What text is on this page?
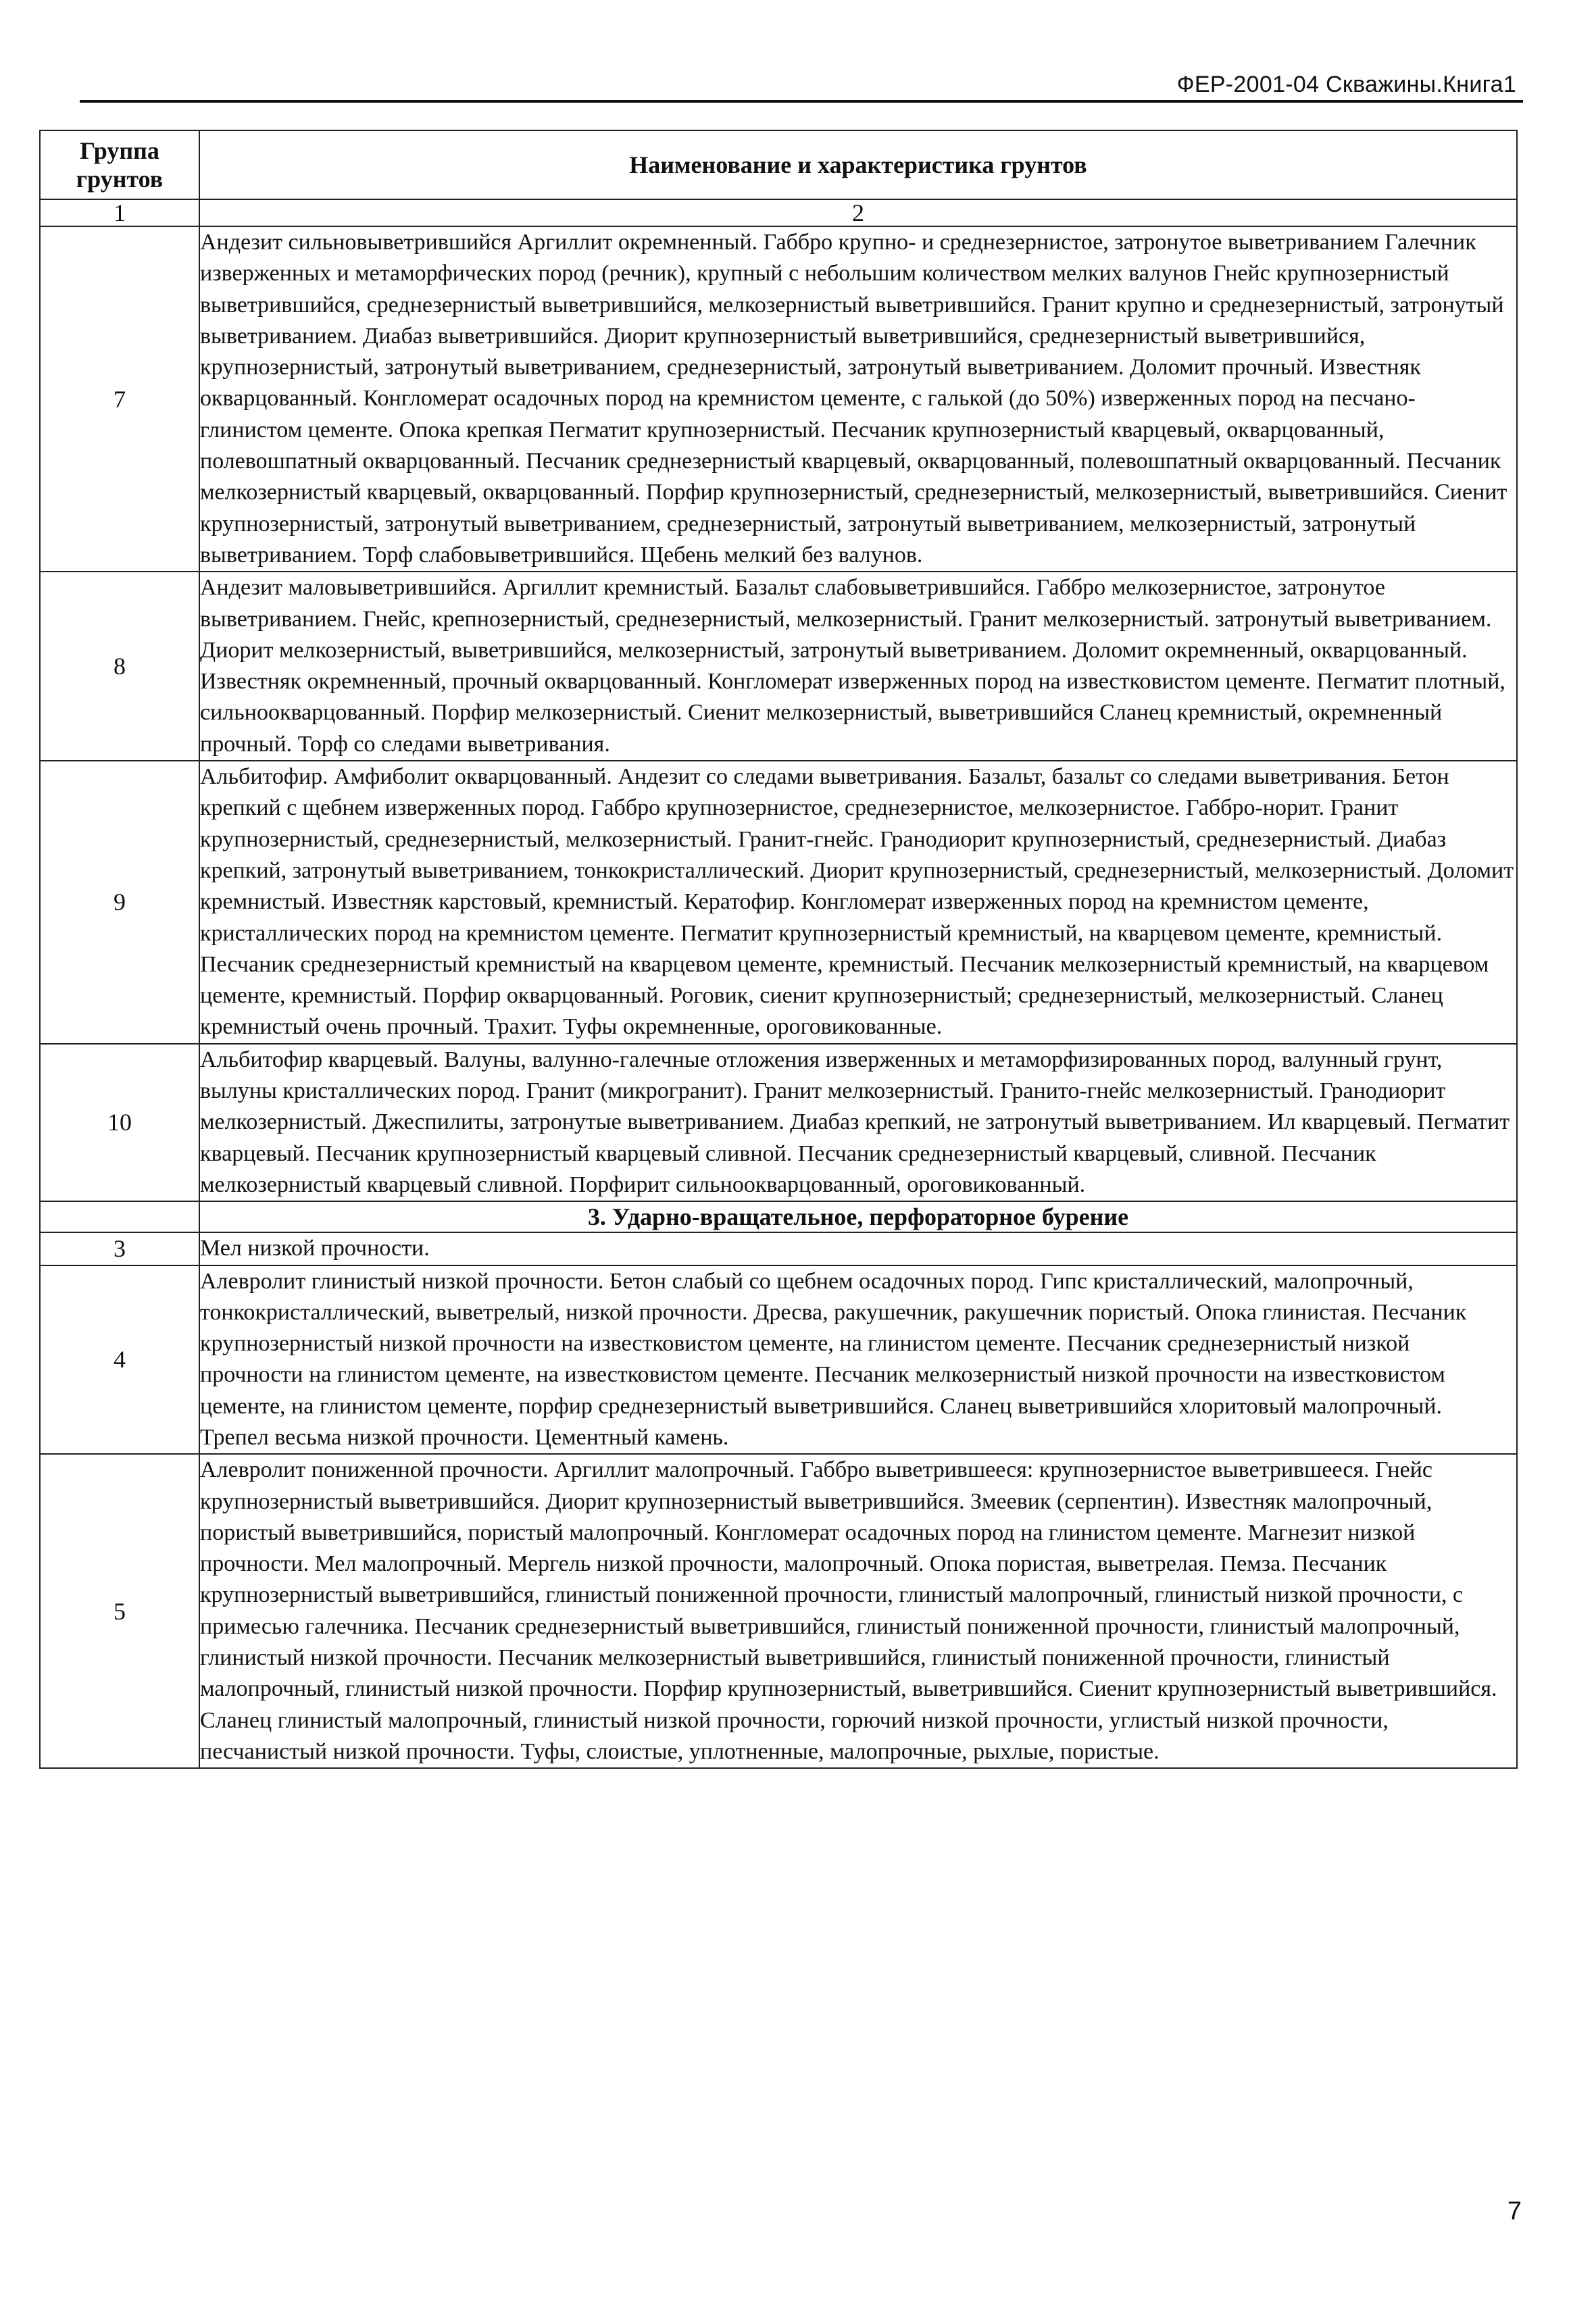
ФЕР-2001-04 Скважины.Книга1
Группа грунтов	Наименование и характеристика грунтов
1	2
7	Андезит сильновыветрившийся Аргиллит окремненный. Габбро крупно- и среднезернистое, затронутое выветриванием Галечник изверженных и метаморфических пород (речник), крупный с небольшим количеством мелких валунов Гнейс крупнозернистый выветрившийся, среднезернистый выветрившийся, мелкозернистый выветрившийся. Гранит крупно и среднезернистый, затронутый выветриванием. Диабаз выветрившийся. Диорит крупнозернистый выветрившийся, среднезернистый выветрившийся, крупнозернистый, затронутый выветриванием, среднезернистый, затронутый выветриванием. Доломит прочный. Известняк окварцованный. Конгломерат осадочных пород на кремнистом цементе, с галькой (до 50%) изверженных пород на песчано-глинистом цементе. Опока крепкая Пегматит крупнозернистый. Песчаник крупнозернистый кварцевый, окварцованный, полевошпатный окварцованный. Песчаник среднезернистый кварцевый, окварцованный, полевошпатный окварцованный. Песчаник мелкозернистый кварцевый, окварцованный. Порфир крупнозернистый, среднезернистый, мелкозернистый, выветрившийся. Сиенит крупнозернистый, затронутый выветриванием, среднезернистый, затронутый выветриванием, мелкозернистый, затронутый выветриванием. Торф слабовыветрившийся. Щебень мелкий без валунов.
8	Андезит маловыветрившийся. Аргиллит кремнистый. Базальт слабовыветрившийся. Габбро мелкозернистое, затронутое выветриванием. Гнейс, крепнозернистый, среднезернистый, мелкозернистый. Гранит мелкозернистый. затронутый выветриванием. Диорит мелкозернистый, выветрившийся, мелкозернистый, затронутый выветриванием. Доломит окремненный, окварцованный. Известняк окремненный, прочный окварцованный. Конгломерат изверженных пород на известковистом цементе. Пегматит плотный, сильноокварцованный. Порфир мелкозернистый. Сиенит мелкозернистый, выветрившийся Сланец кремнистый, окремненный прочный. Торф со следами выветривания.
9	Альбитофир. Амфиболит окварцованный. Андезит со следами выветривания. Базальт, базальт со следами выветривания. Бетон крепкий с щебнем изверженных пород. Габбро крупнозернистое, среднезернистое, мелкозернистое. Габбро-норит. Гранит крупнозернистый, среднезернистый, мелкозернистый. Гранит-гнейс. Гранодиорит крупнозернистый, среднезернистый. Диабаз крепкий, затронутый выветриванием, тонкокристаллический. Диорит крупнозернистый, среднезернистый, мелкозернистый. Доломит кремнистый. Известняк карстовый, кремнистый. Кератофир. Конгломерат изверженных пород на кремнистом цементе, кристаллических пород на кремнистом цементе. Пегматит крупнозернистый кремнистый, на кварцевом цементе, кремнистый. Песчаник среднезернистый кремнистый на кварцевом цементе, кремнистый. Песчаник мелкозернистый кремнистый, на кварцевом цементе, кремнистый. Порфир окварцованный. Роговик, сиенит крупнозернистый; среднезернистый, мелкозернистый. Сланец кремнистый очень прочный. Трахит. Туфы окремненные, ороговикованные.
10	Альбитофир кварцевый. Валуны, валунно-галечные отложения изверженных и метаморфизированных пород, валунный грунт, вылуны кристаллических пород. Гранит (микрогранит). Гранит мелкозернистый. Гранито-гнейс мелкозернистый. Гранодиорит мелкозернистый. Джеспилиты, затронутые выветриванием. Диабаз крепкий, не затронутый выветриванием. Ил кварцевый. Пегматит кварцевый. Песчаник крупнозернистый кварцевый сливной. Песчаник среднезернистый кварцевый, сливной. Песчаник мелкозернистый кварцевый сливной. Порфирит сильноокварцованный, ороговикованный.
	3. Ударно-вращательное, перфораторное бурение
3	Мел низкой прочности.
4	Алевролит глинистый низкой прочности. Бетон слабый со щебнем осадочных пород. Гипс кристаллический, малопрочный, тонкокристаллический, выветрелый, низкой прочности. Дресва, ракушечник, ракушечник пористый. Опока глинистая. Песчаник крупнозернистый низкой прочности на известковистом цементе, на глинистом цементе. Песчаник среднезернистый низкой прочности на глинистом цементе, на известковистом цементе. Песчаник мелкозернистый низкой прочности на известковистом цементе, на глинистом цементе, порфир среднезернистый выветрившийся. Сланец выветрившийся хлоритовый малопрочный. Трепел весьма низкой прочности. Цементный камень.
5	Алевролит пониженной прочности. Аргиллит малопрочный. Габбро выветрившееся: крупнозернистое выветрившееся. Гнейс крупнозернистый выветрившийся. Диорит крупнозернистый выветрившийся. Змеевик (серпентин). Известняк малопрочный, пористый выветрившийся, пористый малопрочный. Конгломерат осадочных пород на глинистом цементе. Магнезит низкой прочности. Мел малопрочный. Мергель низкой прочности, малопрочный. Опока пористая, выветрелая. Пемза. Песчаник крупнозернистый выветрившийся, глинистый пониженной прочности, глинистый малопрочный, глинистый низкой прочности, с примесью галечника. Песчаник среднезернистый выветрившийся, глинистый пониженной прочности, глинистый малопрочный, глинистый низкой прочности. Песчаник мелкозернистый выветрившийся, глинистый пониженной прочности, глинистый малопрочный, глинистый низкой прочности. Порфир крупнозернистый, выветрившийся. Сиенит крупнозернистый выветрившийся. Сланец глинистый малопрочный, глинистый низкой прочности, горючий низкой прочности, углистый низкой прочности, песчанистый низкой прочности. Туфы, слоистые, уплотненные, малопрочные, рыхлые, пористые.
7
